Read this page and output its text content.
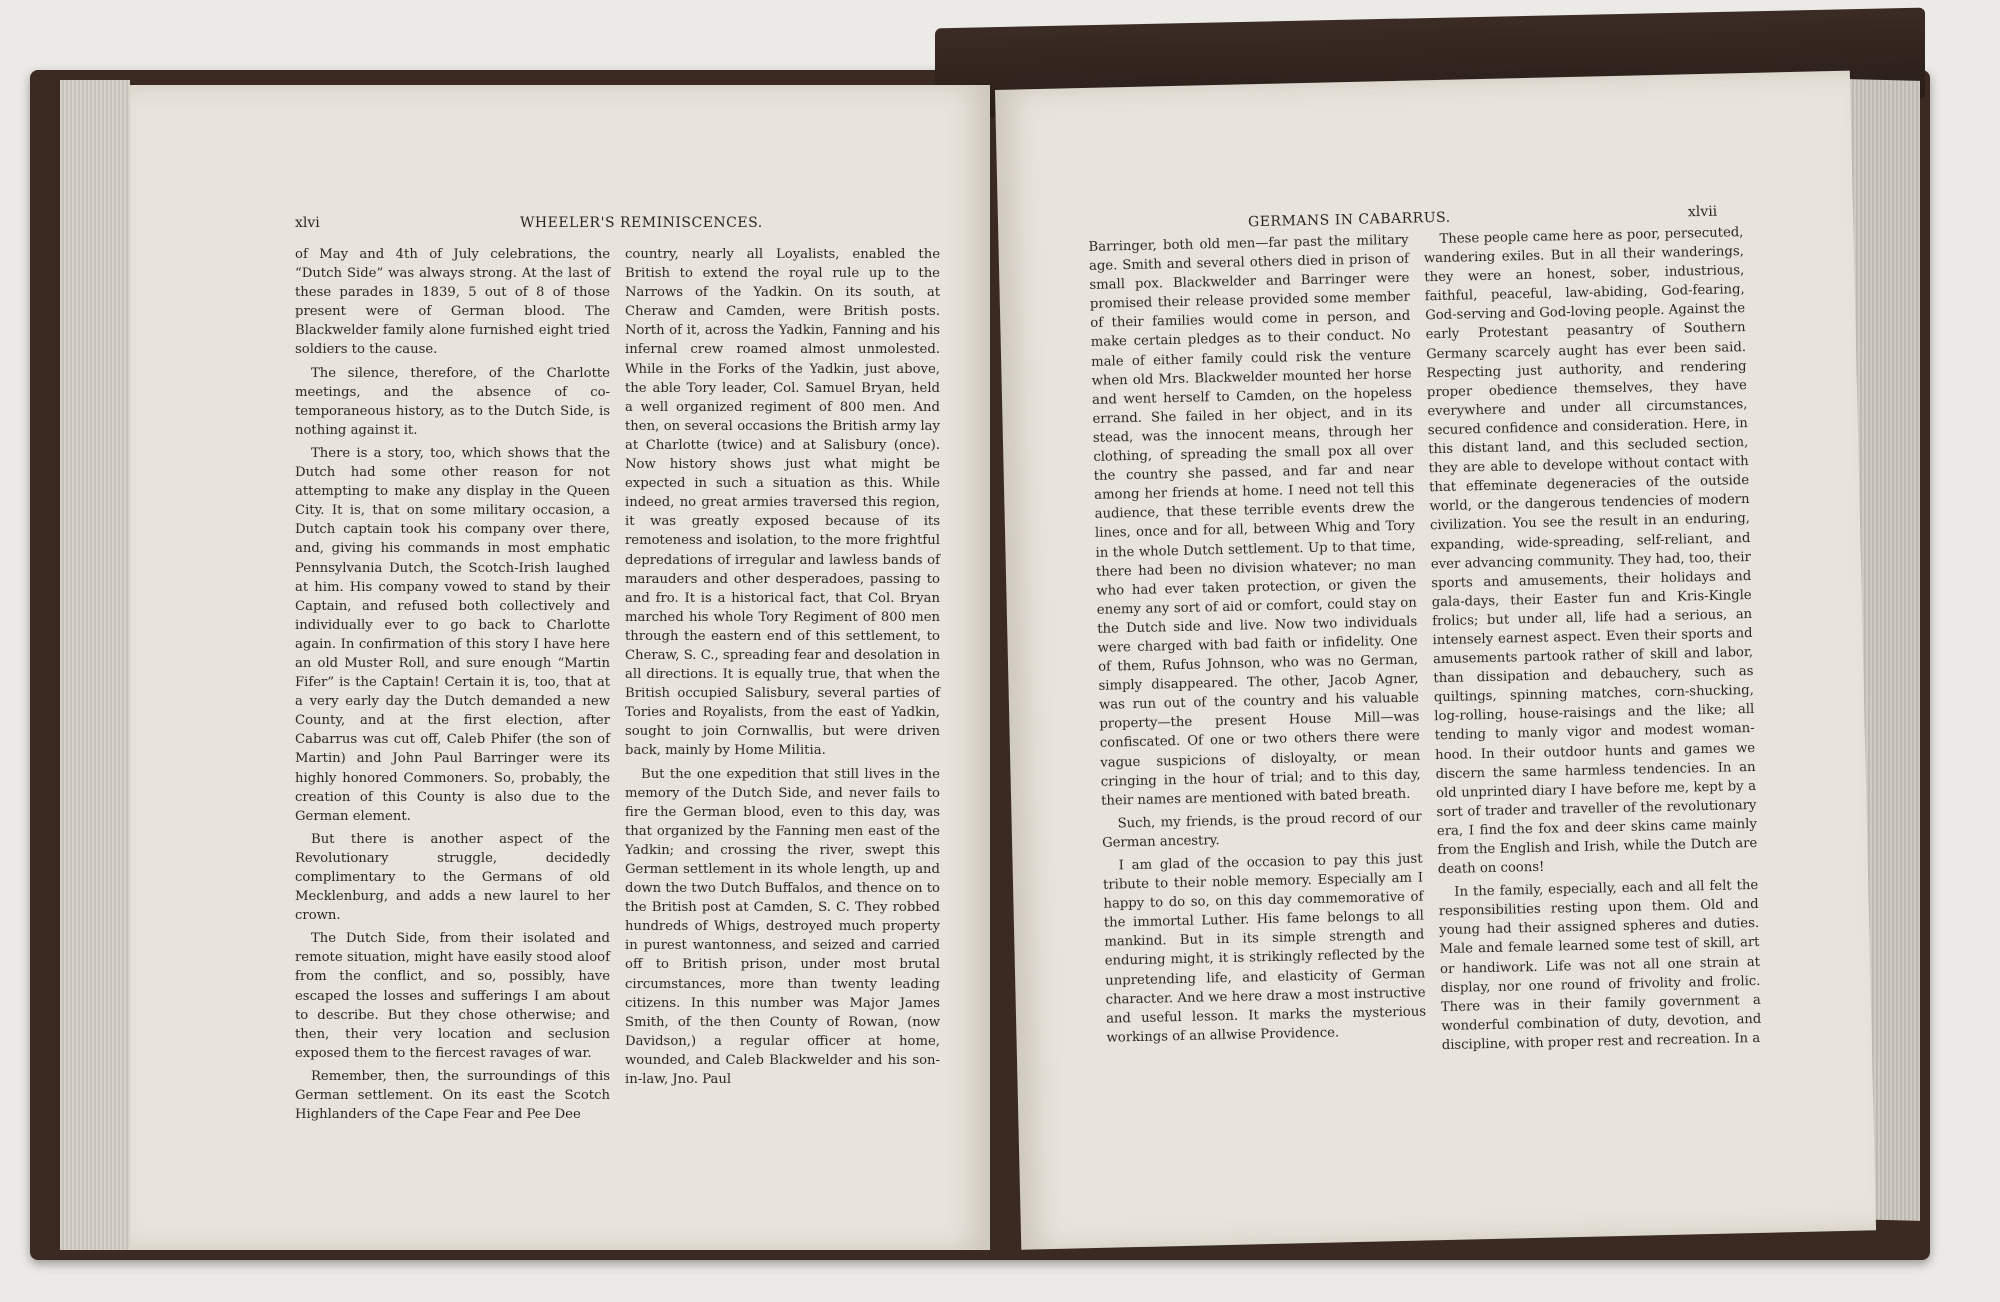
xlvi	WHEELER'S REMINISCENCES.

of May and 4th of July celebrations, the “Dutch Side” was always strong. At the last of these parades in 1839, 5 out of 8 of those present were of German blood. The Blackwelder family alone furnished eight tried soldiers to the cause.

The silence, therefore, of the Charlotte meetings, and the absence of co-temporaneous history, as to the Dutch Side, is nothing against it.

There is a story, too, which shows that the Dutch had some other reason for not attempting to make any display in the Queen City. It is, that on some military occasion, a Dutch captain took his company over there, and, giving his commands in most emphatic Pennsylvania Dutch, the Scotch-Irish laughed at him. His company vowed to stand by their Captain, and refused both collectively and individually ever to go back to Charlotte again. In confirmation of this story I have here an old Muster Roll, and sure enough “Martin Fifer” is the Captain! Certain it is, too, that at a very early day the Dutch demanded a new County, and at the first election, after Cabarrus was cut off, Caleb Phifer (the son of Martin) and John Paul Barringer were its highly honored Commoners. So, probably, the creation of this County is also due to the German element.

But there is another aspect of the Revolutionary struggle, decidedly complimentary to the Germans of old Mecklenburg, and adds a new laurel to her crown.

The Dutch Side, from their isolated and remote situation, might have easily stood aloof from the conflict, and so, possibly, have escaped the losses and sufferings I am about to describe. But they chose otherwise; and then, their very location and seclusion exposed them to the fiercest ravages of war.

Remember, then, the surroundings of this German settlement. On its east the Scotch Highlanders of the Cape Fear and Pee Dee

country, nearly all Loyalists, enabled the British to extend the royal rule up to the Narrows of the Yadkin. On its south, at Cheraw and Camden, were British posts. North of it, across the Yadkin, Fanning and his infernal crew roamed almost unmolested. While in the Forks of the Yadkin, just above, the able Tory leader, Col. Samuel Bryan, held a well organized regiment of 800 men. And then, on several occasions the British army lay at Charlotte (twice) and at Salisbury (once). Now history shows just what might be expected in such a situation as this. While indeed, no great armies traversed this region, it was greatly exposed because of its remoteness and isolation, to the more frightful depredations of irregular and lawless bands of marauders and other desperadoes, passing to and fro. It is a historical fact, that Col. Bryan marched his whole Tory Regiment of 800 men through the eastern end of this settlement, to Cheraw, S. C., spreading fear and desolation in all directions. It is equally true, that when the British occupied Salisbury, several parties of Tories and Royalists, from the east of Yadkin, sought to join Cornwallis, but were driven back, mainly by Home Militia.

But the one expedition that still lives in the memory of the Dutch Side, and never fails to fire the German blood, even to this day, was that organized by the Fanning men east of the Yadkin; and crossing the river, swept this German settlement in its whole length, up and down the two Dutch Buffalos, and thence on to the British post at Camden, S. C. They robbed hundreds of Whigs, destroyed much property in purest wantonness, and seized and carried off to British prison, under most brutal circumstances, more than twenty leading citizens. In this number was Major James Smith, of the then County of Rowan, (now Davidson,) a regular officer at home, wounded, and Caleb Blackwelder and his son-in-law, Jno. Paul

GERMANS IN CABARRUS.	xlvii

Barringer, both old men—far past the military age. Smith and several others died in prison of small pox. Blackwelder and Barringer were promised their release provided some member of their families would come in person, and make certain pledges as to their conduct. No male of either family could risk the venture when old Mrs. Blackwelder mounted her horse and went herself to Camden, on the hopeless errand. She failed in her object, and in its stead, was the innocent means, through her clothing, of spreading the small pox all over the country she passed, and far and near among her friends at home. I need not tell this audience, that these terrible events drew the lines, once and for all, between Whig and Tory in the whole Dutch settlement. Up to that time, there had been no division whatever; no man who had ever taken protection, or given the enemy any sort of aid or comfort, could stay on the Dutch side and live. Now two individuals were charged with bad faith or infidelity. One of them, Rufus Johnson, who was no German, simply disappeared. The other, Jacob Agner, was run out of the country and his valuable property—the present House Mill—was confiscated. Of one or two others there were vague suspicions of disloyalty, or mean cringing in the hour of trial; and to this day, their names are mentioned with bated breath.

Such, my friends, is the proud record of our German ancestry.

I am glad of the occasion to pay this just tribute to their noble memory. Especially am I happy to do so, on this day commemorative of the immortal Luther. His fame belongs to all mankind. But in its simple strength and enduring might, it is strikingly reflected by the unpretending life, and elasticity of German character. And we here draw a most instructive and useful lesson. It marks the mysterious workings of an allwise Providence.

These people came here as poor, persecuted, wandering exiles. But in all their wanderings, they were an honest, sober, industrious, faithful, peaceful, law-abiding, God-fearing, God-serving and God-loving people. Against the early Protestant peasantry of Southern Germany scarcely aught has ever been said. Respecting just authority, and rendering proper obedience themselves, they have everywhere and under all circumstances, secured confidence and consideration. Here, in this distant land, and this secluded section, they are able to develope without contact with that effeminate degeneracies of the outside world, or the dangerous tendencies of modern civilization. You see the result in an enduring, expanding, wide-spreading, self-reliant, and ever advancing community. They had, too, their sports and amusements, their holidays and gala-days, their Easter fun and Kris-Kingle frolics; but under all, life had a serious, an intensely earnest aspect. Even their sports and amusements partook rather of skill and labor, than dissipation and debauchery, such as quiltings, spinning matches, corn-shucking, log-rolling, house-raisings and the like; all tending to manly vigor and modest woman-hood. In their outdoor hunts and games we discern the same harmless tendencies. In an old unprinted diary I have before me, kept by a sort of trader and traveller of the revolutionary era, I find the fox and deer skins came mainly from the English and Irish, while the Dutch are death on coons!

In the family, especially, each and all felt the responsibilities resting upon them. Old and young had their assigned spheres and duties. Male and female learned some test of skill, art or handiwork. Life was not all one strain at display, nor one round of frivolity and frolic. There was in their family government a wonderful combination of duty, devotion, and discipline, with proper rest and recreation. In a
